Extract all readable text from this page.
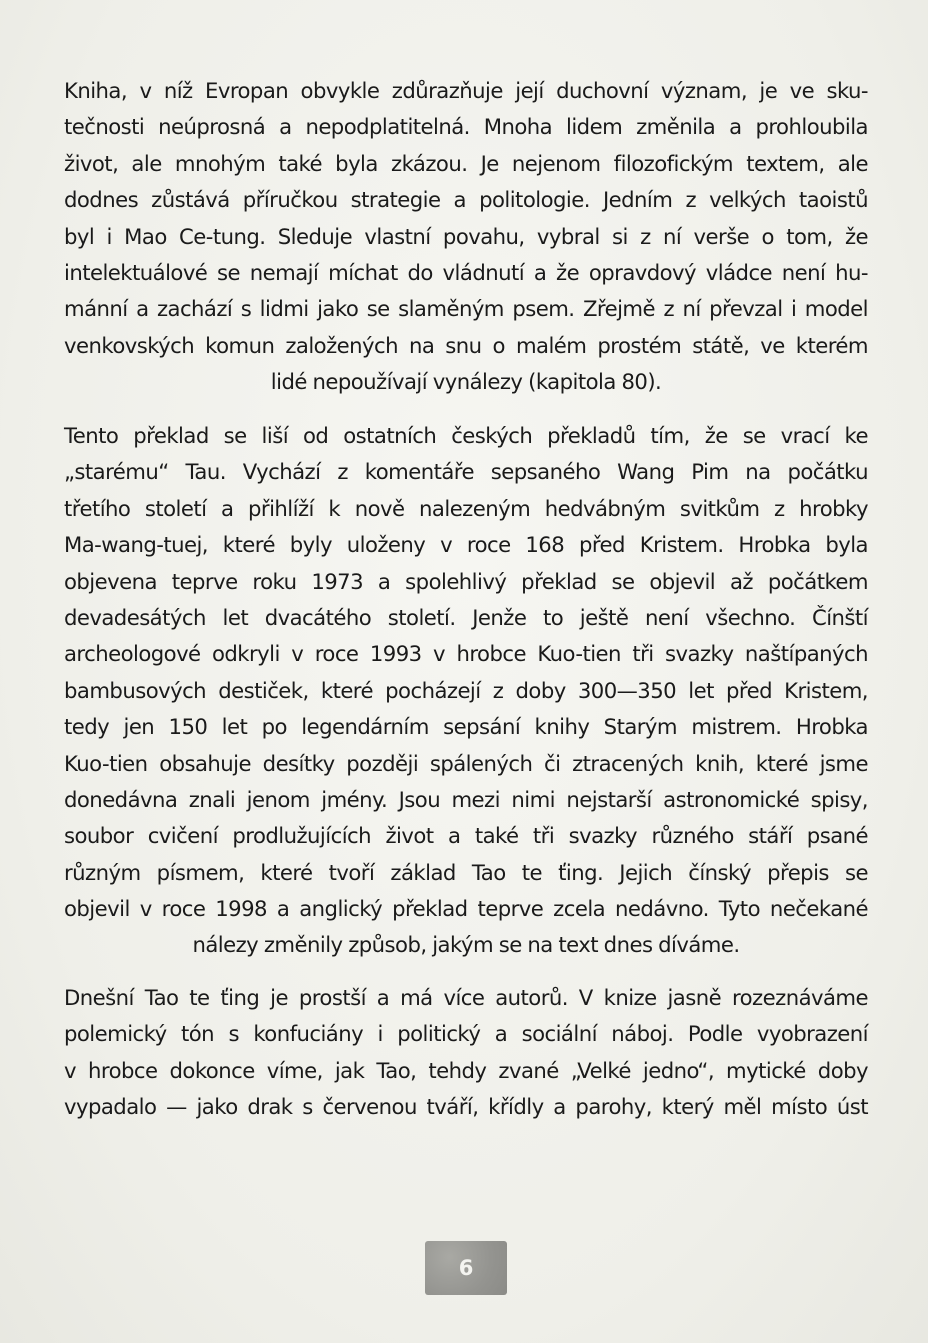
Kniha, v níž Evropan obvykle zdůrazňuje její duchovní význam, je ve sku-
tečnosti neúprosná a nepodplatitelná. Mnoha lidem změnila a prohloubila
život, ale mnohým také byla zkázou. Je nejenom filozofickým textem, ale
dodnes zůstává příručkou strategie a politologie. Jedním z velkých taoistů
byl i Mao Ce-tung. Sleduje vlastní povahu, vybral si z ní verše o tom, že
intelektuálové se nemají míchat do vládnutí a že opravdový vládce není hu-
mánní a zachází s lidmi jako se slaměným psem. Zřejmě z ní převzal i model
venkovských komun založených na snu o malém prostém státě, ve kterém
lidé nepoužívají vynálezy (kapitola 80).
Tento překlad se liší od ostatních českých překladů tím, že se vrací ke
„starému“ Tau. Vychází z komentáře sepsaného Wang Pim na počátku
třetího století a přihlíží k nově nalezeným hedvábným svitkům z hrobky
Ma-wang-tuej, které byly uloženy v roce 168 před Kristem. Hrobka byla
objevena teprve roku 1973 a spolehlivý překlad se objevil až počátkem
devadesátých let dvacátého století. Jenže to ještě není všechno. Čínští
archeologové odkryli v roce 1993 v hrobce Kuo-tien tři svazky naštípaných
bambusových destiček, které pocházejí z doby 300—350 let před Kristem,
tedy jen 150 let po legendárním sepsání knihy Starým mistrem. Hrobka
Kuo-tien obsahuje desítky později spálených či ztracených knih, které jsme
donedávna znali jenom jmény. Jsou mezi nimi nejstarší astronomické spisy,
soubor cvičení prodlužujících život a také tři svazky různého stáří psané
různým písmem, které tvoří základ Tao te ťing. Jejich čínský přepis se
objevil v roce 1998 a anglický překlad teprve zcela nedávno. Tyto nečekané
nálezy změnily způsob, jakým se na text dnes díváme.
Dnešní Tao te ťing je prostší a má více autorů. V knize jasně rozeznáváme
polemický tón s konfuciány i politický a sociální náboj. Podle vyobrazení
v hrobce dokonce víme, jak Tao, tehdy zvané „Velké jedno“, mytické doby
vypadalo — jako drak s červenou tváří, křídly a parohy, který měl místo úst
6
